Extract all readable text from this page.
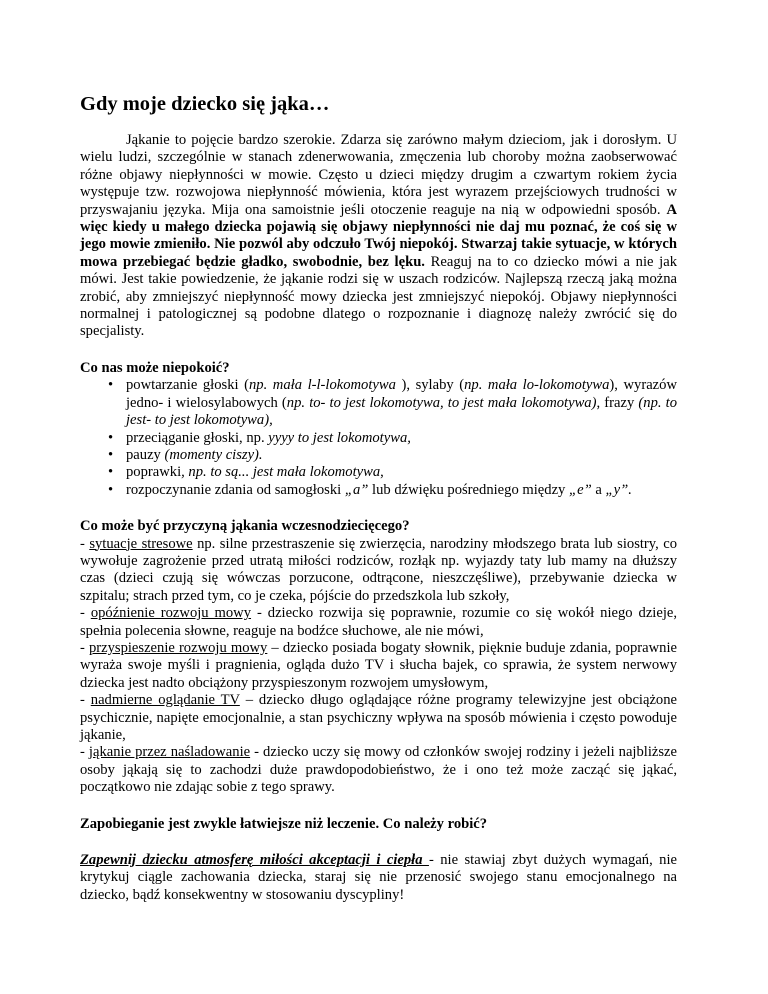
Gdy moje dziecko się jąka…

Jąkanie to pojęcie bardzo szerokie. Zdarza się zarówno małym dzieciom, jak i dorosłym. U wielu ludzi, szczególnie w stanach zdenerwowania, zmęczenia lub choroby można zaobserwować różne objawy niepłynności w mowie. Często u dzieci między drugim a czwartym rokiem życia występuje tzw. rozwojowa niepłynność mówienia, która jest wyrazem przejściowych trudności w przyswajaniu języka. Mija ona samoistnie jeśli otoczenie reaguje na nią w odpowiedni sposób. A więc kiedy u małego dziecka pojawią się objawy niepłynności nie daj mu poznać, że coś się w jego mowie zmieniło. Nie pozwól aby odczuło Twój niepokój. Stwarzaj takie sytuacje, w których mowa przebiegać będzie gładko, swobodnie, bez lęku. Reaguj na to co dziecko mówi a nie jak mówi. Jest takie powiedzenie, że jąkanie rodzi się w uszach rodziców. Najlepszą rzeczą jaką można zrobić, aby zmniejszyć niepłynność mowy dziecka jest zmniejszyć niepokój. Objawy niepłynności normalnej i patologicznej są podobne dlatego o rozpoznanie i diagnozę należy zwrócić się do specjalisty.

Co nas może niepokoić?

• powtarzanie głoski (np. mała l-l-lokomotywa ), sylaby (np. mała lo-lokomotywa), wyrazów jedno- i wielosylabowych (np. to- to jest lokomotywa, to jest mała lokomotywa), frazy (np. to jest- to jest lokomotywa),
• przeciąganie głoski, np. yyyy to jest lokomotywa,
• pauzy (momenty ciszy).
• poprawki, np. to są... jest mała lokomotywa,
• rozpoczynanie zdania od samogłoski „a” lub dźwięku pośredniego między „e” a „y”.

Co może być przyczyną jąkania wczesnodziecięcego?

- sytuacje stresowe np. silne przestraszenie się zwierzęcia, narodziny młodszego brata lub siostry, co wywołuje zagrożenie przed utratą miłości rodziców, rozłąk np. wyjazdy taty lub mamy na dłuższy czas (dzieci czują się wówczas porzucone, odtrącone, nieszczęśliwe), przebywanie dziecka w szpitalu; strach przed tym, co je czeka, pójście do przedszkola lub szkoły,

- opóźnienie rozwoju mowy - dziecko rozwija się poprawnie, rozumie co się wokół niego dzieje, spełnia polecenia słowne, reaguje na bodźce słuchowe, ale nie mówi,

- przyspieszenie rozwoju mowy – dziecko posiada bogaty słownik, pięknie buduje zdania, poprawnie wyraża swoje myśli i pragnienia, ogląda dużo TV i słucha bajek, co sprawia, że system nerwowy dziecka jest nadto obciążony przyspieszonym rozwojem umysłowym,

- nadmierne oglądanie TV – dziecko długo oglądające różne programy telewizyjne jest obciążone psychicznie, napięte emocjonalnie, a stan psychiczny wpływa na sposób mówienia i często powoduje jąkanie,

- jąkanie przez naśladowanie - dziecko uczy się mowy od członków swojej rodziny i jeżeli najbliższe osoby jąkają się to zachodzi duże prawdopodobieństwo, że i ono też może zacząć się jąkać, początkowo nie zdając sobie z tego sprawy.

Zapobieganie jest zwykle łatwiejsze niż leczenie. Co należy robić?

Zapewnij dziecku atmosferę miłości akceptacji i ciepła - nie stawiaj zbyt dużych wymagań, nie krytykuj ciągle zachowania dziecka, staraj się nie przenosić swojego stanu emocjonalnego na dziecko, bądź konsekwentny w stosowaniu dyscypliny!
